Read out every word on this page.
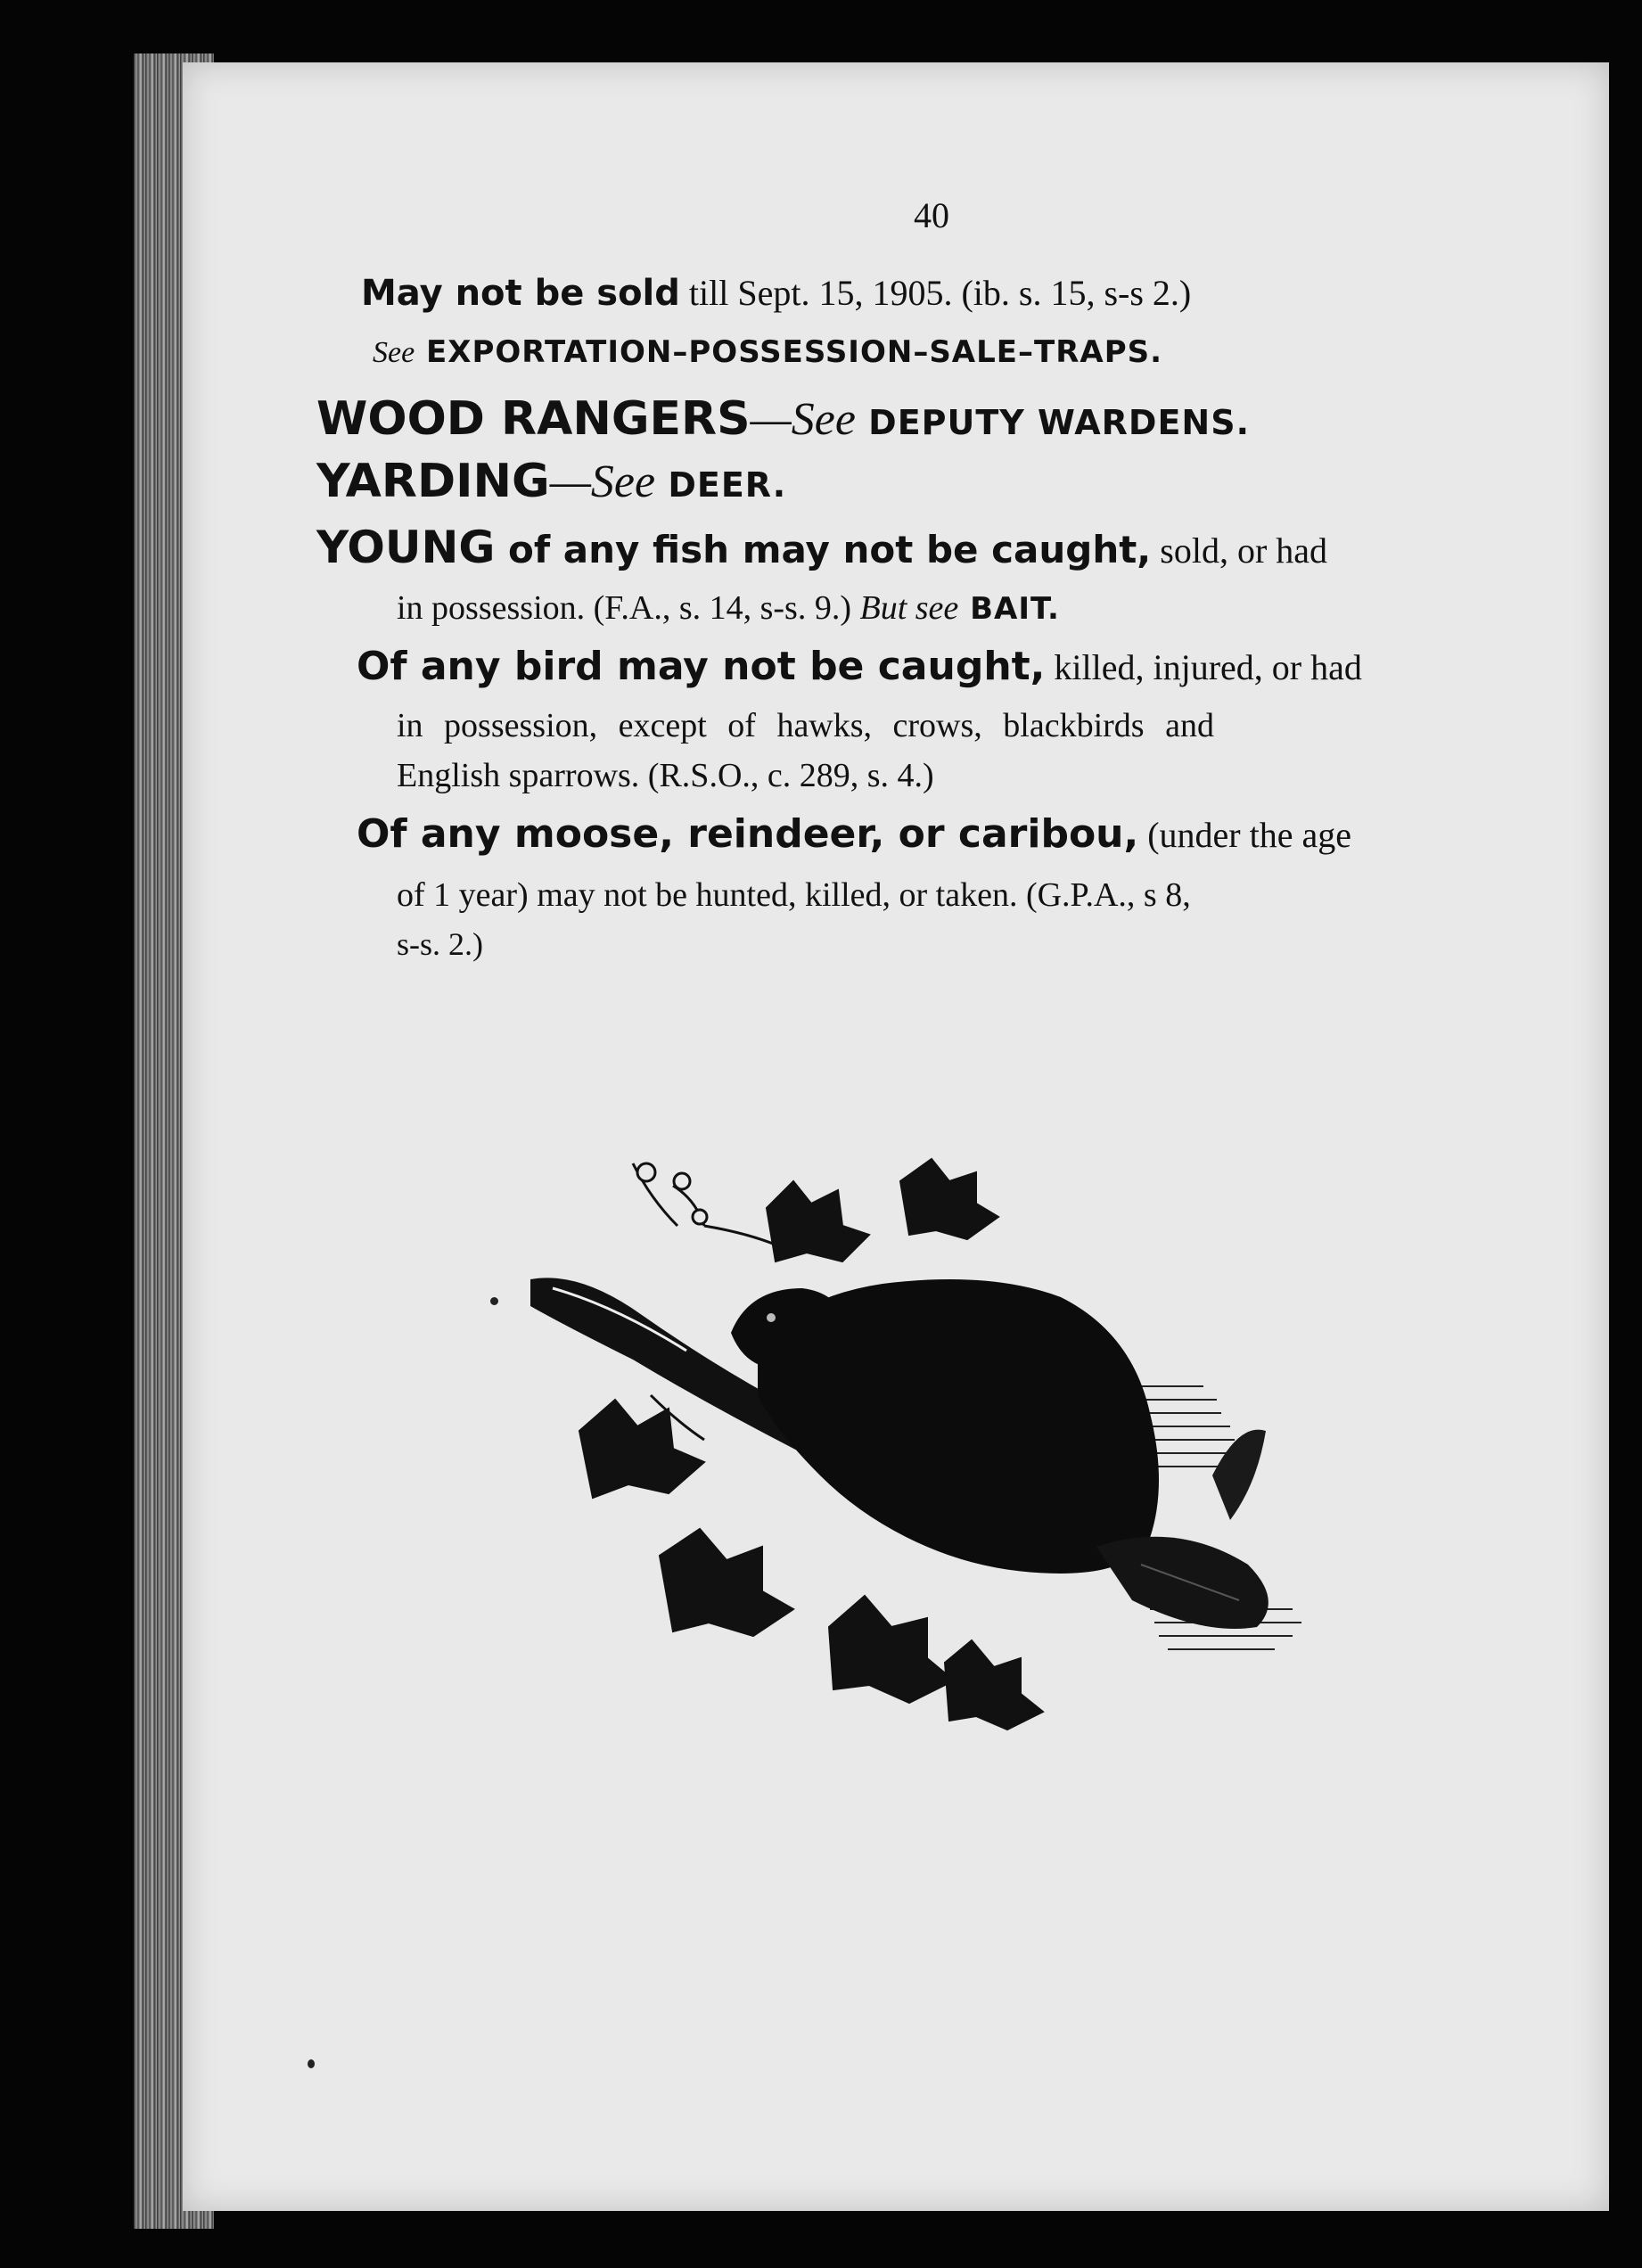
40
May not be sold till Sept. 15, 1905. (ib. s. 15, s-s 2.)
See EXPORTATION–POSSESSION–SALE–TRAPS.
WOOD RANGERS—See DEPUTY WARDENS.
YARDING—See DEER.
YOUNG of any fish may not be caught, sold, or had
in possession. (F.A., s. 14, s-s. 9.) But see BAIT.
Of any bird may not be caught, killed, injured, or had
in possession, except of hawks, crows, blackbirds and
English sparrows. (R.S.O., c. 289, s. 4.)
Of any moose, reindeer, or caribou, (under the age
of 1 year) may not be hunted, killed, or taken. (G.P.A., s 8,
s-s. 2.)
